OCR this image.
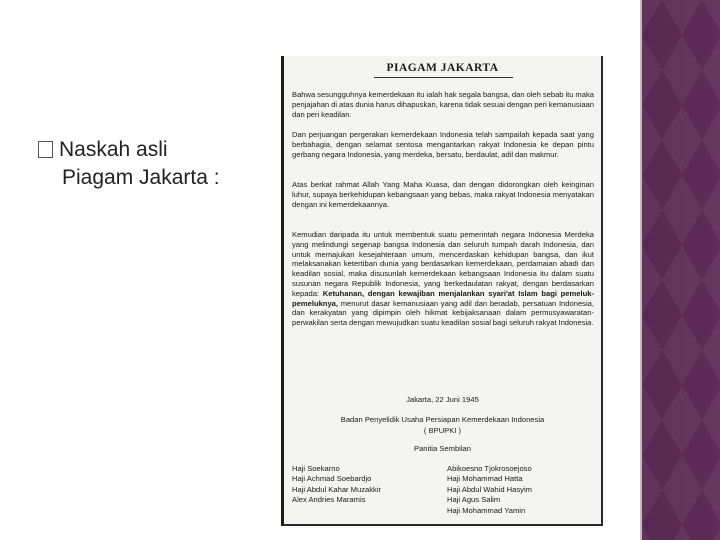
Naskah asli
Piagam Jakarta :
PIAGAM JAKARTA
Bahwa sesungguhnya kemerdekaan itu ialah hak segala bangsa, dan oleh sebab itu maka penjajahan di atas dunia harus dihapuskan, karena tidak sesuai dengan peri kemanusiaan dan peri keadilan.
Dan perjuangan pergerakan kemerdekaan Indonesia telah sampailah kepada saat yang berbahagia, dengan selamat sentosa mengantarkan rakyat Indonesia ke depan pintu gerbang negara Indonesia, yang merdeka, bersatu, berdaulat, adil dan makmur.
Atas berkat rahmat Allah Yang Maha Kuasa, dan dengan didorongkan oleh keinginan luhur, supaya berkehidupan kebangsaan yang bebas, maka rakyat Indonesia menyatakan dengan ini kemerdekaannya.
Kemudian daripada itu untuk membentuk suatu pemerintah negara Indonesia Merdeka yang melindungi segenap bangsa Indonesia dan seluruh tumpah darah Indonesia, dan untuk memajukan kesejahteraan umum, mencerdaskan kehidupan bangsa, dan ikut melaksanakan ketertiban dunia yang berdasarkan kemerdekaan, perdamaian abadi dan keadilan sosial, maka disusunlah kemerdekaan kebangsaan Indonesia itu dalam suatu susunan negara Republik Indonesia, yang berkedaulatan rakyat, dengan berdasarkan kepada: Ketuhanan, dengan kewajiban menjalankan syari'at Islam bagi pemeluk-pemeluknya, menurut dasar kemanusiaan yang adil dan beradab, persatuan Indonesia, dan kerakyatan yang dipimpin oleh hikmat kebijaksanaan dalam permusyawaratan-perwakilan serta dengan mewujudkan suatu keadilan sosial bagi seluruh rakyat Indonesia.
Jakarta, 22 Juni 1945
Badan Penyelidik Usaha Persiapan Kemerdekaan Indonesia
( BPUPKI )
Panitia Sembilan
Haji Soekarno
Haji Achmad Soebardjo
Haji Abdul Kahar Muzakkir
Alex Andries Maramis
Abikoesno Tjokrosoejoso
Haji Mohammad Hatta
Haji Abdul Wahid Hasyim
Haji Agus Salim
Haji Mohammad Yamin
